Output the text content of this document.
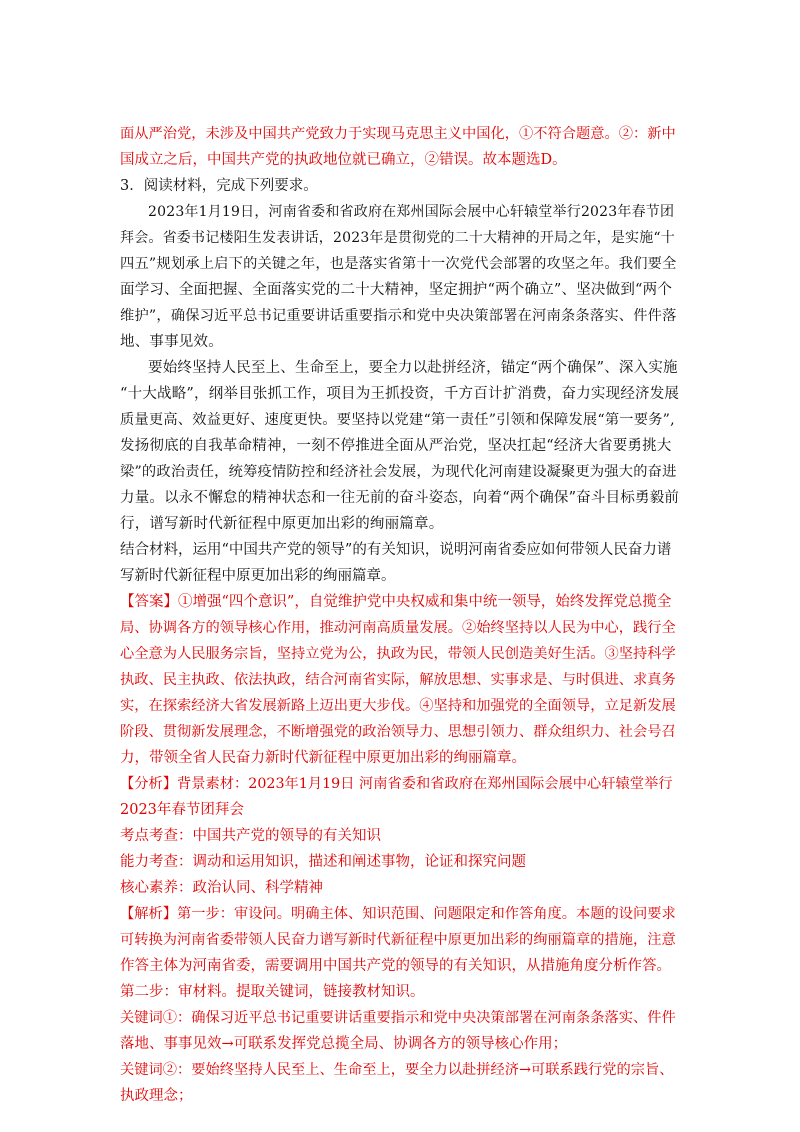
面从严治党，未涉及中国共产党致力于实现马克思主义中国化，①不符合题意。②：新中
国成立之后，中国共产党的执政地位就已确立，②错误。故本题选D。
3．阅读材料，完成下列要求。
2023年1月19日，河南省委和省政府在郑州国际会展中心轩辕堂举行2023年春节团
拜会。省委书记楼阳生发表讲话，2023年是贯彻党的二十大精神的开局之年，是实施“十
四五”规划承上启下的关键之年，也是落实省第十一次党代会部署的攻坚之年。我们要全
面学习、全面把握、全面落实党的二十大精神，坚定拥护“两个确立”、坚决做到“两个
维护”，确保习近平总书记重要讲话重要指示和党中央决策部署在河南条条落实、件件落
地、事事见效。
要始终坚持人民至上、生命至上，要全力以赴拼经济，锚定“两个确保”、深入实施
“十大战略”，纲举目张抓工作，项目为王抓投资，千方百计扩消费，奋力实现经济发展
质量更高、效益更好、速度更快。要坚持以党建“第一责任”引领和保障发展“第一要务”,
发扬彻底的自我革命精神，一刻不停推进全面从严治党，坚决扛起“经济大省要勇挑大
梁”的政治责任，统筹疫情防控和经济社会发展，为现代化河南建设凝聚更为强大的奋进
力量。以永不懈怠的精神状态和一往无前的奋斗姿态，向着“两个确保”奋斗目标勇毅前
行，谱写新时代新征程中原更加出彩的绚丽篇章。
结合材料，运用“中国共产党的领导”的有关知识，说明河南省委应如何带领人民奋力谱
写新时代新征程中原更加出彩的绚丽篇章。
【答案】①增强“四个意识”，自觉维护党中央权威和集中统一领导，始终发挥党总揽全
局、协调各方的领导核心作用，推动河南高质量发展。②始终坚持以人民为中心，践行全
心全意为人民服务宗旨，坚持立党为公，执政为民，带领人民创造美好生活。③坚持科学
执政、民主执政、依法执政，结合河南省实际，解放思想、实事求是、与时俱进、求真务
实，在探索经济大省发展新路上迈出更大步伐。④坚持和加强党的全面领导，立足新发展
阶段、贯彻新发展理念，不断增强党的政治领导力、思想引领力、群众组织力、社会号召
力，带领全省人民奋力新时代新征程中原更加出彩的绚丽篇章。
【分析】背景素材：2023年1月19日 河南省委和省政府在郑州国际会展中心轩辕堂举行
2023年春节团拜会
考点考查：中国共产党的领导的有关知识
能力考查：调动和运用知识，描述和阐述事物，论证和探究问题
核心素养：政治认同、科学精神
【解析】第一步：审设问。明确主体、知识范围、问题限定和作答角度。本题的设问要求
可转换为河南省委带领人民奋力谱写新时代新征程中原更加出彩的绚丽篇章的措施，注意
作答主体为河南省委，需要调用中国共产党的领导的有关知识，从措施角度分析作答。
第二步：审材料。提取关键词，链接教材知识。
关键词①：确保习近平总书记重要讲话重要指示和党中央决策部署在河南条条落实、件件
落地、事事见效→可联系发挥党总揽全局、协调各方的领导核心作用；
关键词②：要始终坚持人民至上、生命至上，要全力以赴拼经济→可联系践行党的宗旨、
执政理念；
